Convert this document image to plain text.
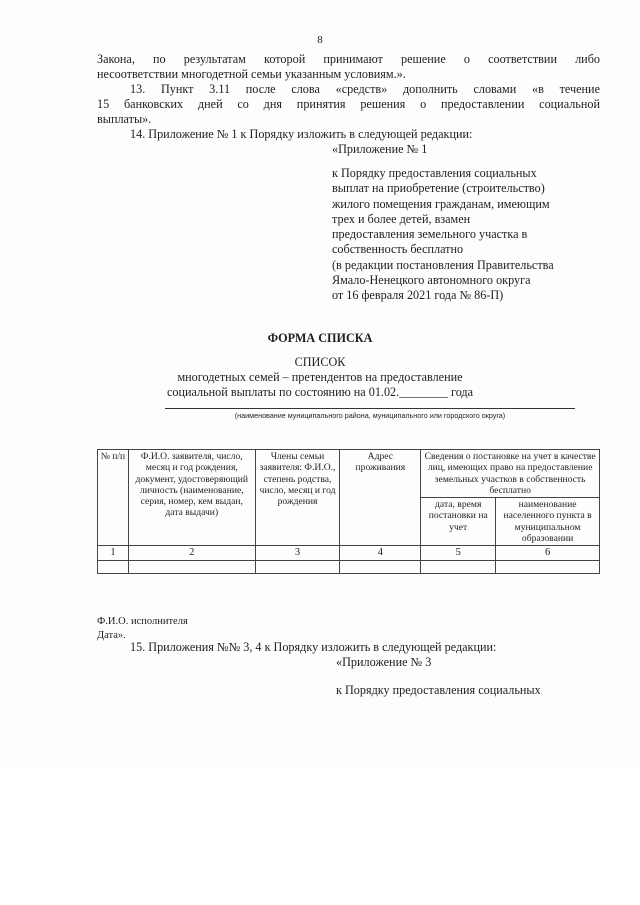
8
Закона, по результатам которой принимают решение о соответствии либо
несоответствии многодетной семьи указанным условиям.».
13. Пункт 3.11 после слова «средств» дополнить словами «в течение
15 банковских дней со дня принятия решения о предоставлении социальной
выплаты».
14. Приложение № 1 к Порядку изложить в следующей редакции:
«Приложение № 1
к Порядку предоставления социальных
выплат на приобретение (строительство)
жилого помещения гражданам, имеющим
трех и более детей, взамен
предоставления земельного участка в
собственность бесплатно
(в редакции постановления Правительства
Ямало-Ненецкого автономного округа
от 16 февраля 2021 года № 86-П)
ФОРМА СПИСКА
СПИСОК
многодетных семей – претендентов на предоставление
социальной выплаты по состоянию на 01.02.________ года
(наименование муниципального района, муниципального или городского округа)
№ п/п	Ф.И.О. заявителя, число, месяц и год рождения, документ, удостоверяющий личность (наименование, серия, номер, кем выдан, дата выдачи)	Члены семьи заявителя: Ф.И.О., степень родства, число, месяц и год рождения	Адрес проживания	Сведения о постановке на учет в качестве лиц, имеющих право на предоставление земельных участков в собственность бесплатно	
				дата, время постановки на учет	наименование населенного пункта в муниципальном образовании
1	2	3	4	5	6

Ф.И.О. исполнителя
Дата».
15. Приложения №№ 3, 4 к Порядку изложить в следующей редакции:
«Приложение № 3
к Порядку предоставления социальных
